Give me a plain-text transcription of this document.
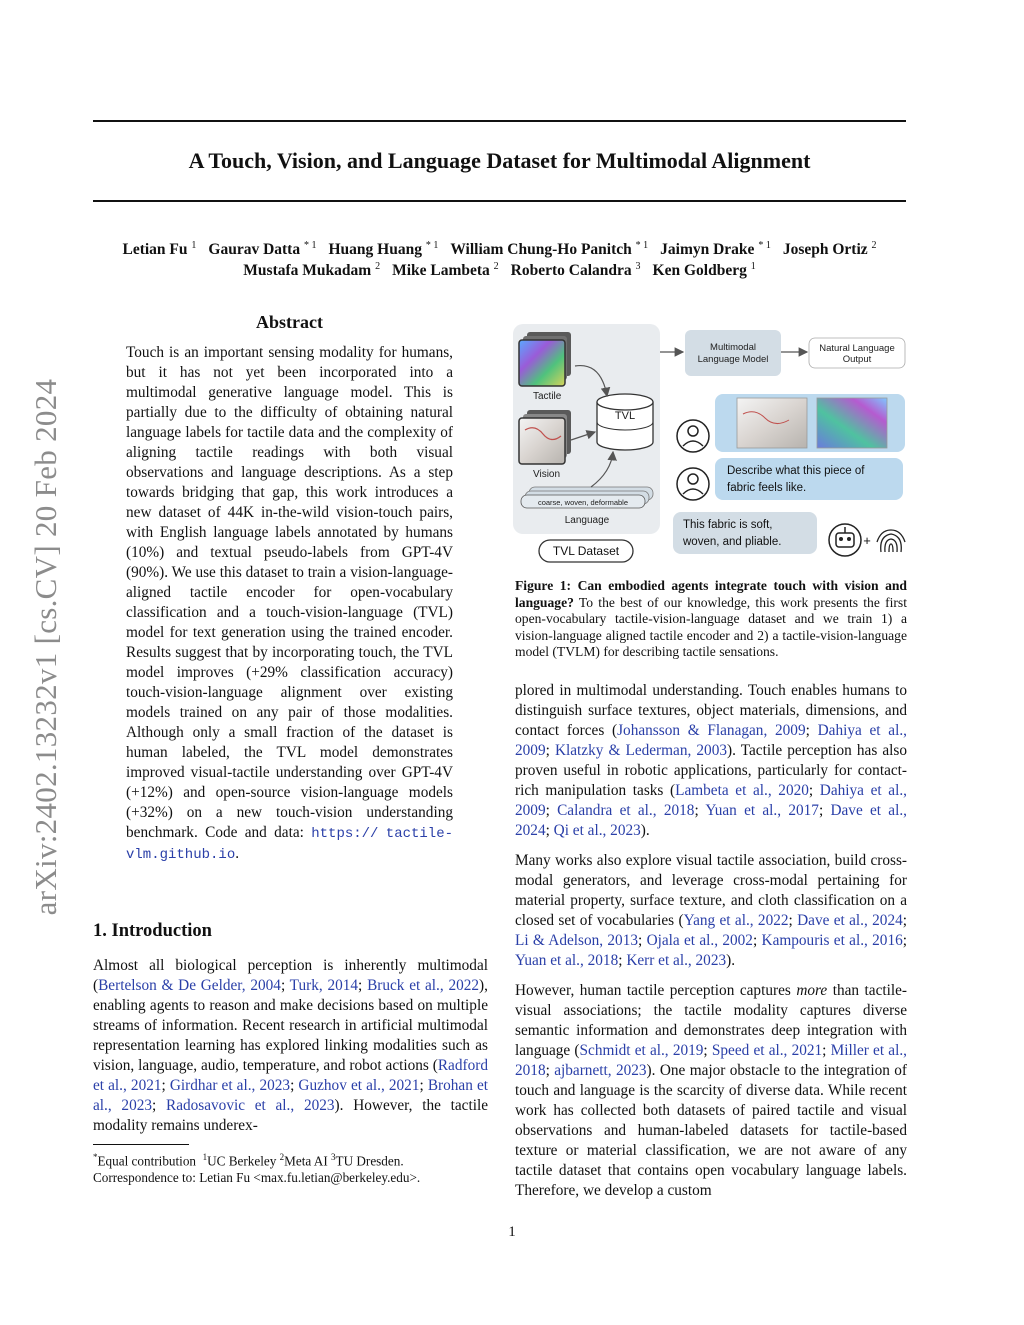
A Touch, Vision, and Language Dataset for Multimodal Alignment
Letian Fu $^1$ Gaurav Datta $^{* 1}$ Huang Huang $^{* 1}$ William Chung-Ho Panitch $^{* 1}$ Jaimyn Drake $^{* 1}$ Joseph Ortiz $^2$
Mustafa Mukadam $^2$ Mike Lambeta $^2$ Roberto Calandra $^3$ Ken Goldberg $^1$
arXiv:2402.13232v1 [cs.CV] 20 Feb 2024
Abstract

Touch is an important sensing modality for humans, but it has not yet been incorporated into a multimodal generative language model. This is partially due to the difficulty of obtaining natural language labels for tactile data and the complexity of aligning tactile readings with both visual observations and language descriptions. As a step towards bridging that gap, this work introduces a new dataset of 44K in-the-wild vision-touch pairs, with English language labels annotated by humans (10%) and textual pseudo-labels from GPT-4V (90%). We use this dataset to train a vision-language-aligned tactile encoder for open-vocabulary classification and a touch-vision-language (TVL) model for text generation using the trained encoder. Results suggest that by incorporating touch, the TVL model improves (+29% classification accuracy) touch-vision-language alignment over existing models trained on any pair of those modalities. Although only a small fraction of the dataset is human labeled, the TVL model demonstrates improved visual-tactile understanding over GPT-4V (+12%) and open-source vision-language models (+32%) on a new touch-vision understanding benchmark. Code and data: https:// tactile-vlm.github.io.

1. Introduction

Almost all biological perception is inherently multimodal (Bertelson & De Gelder, 2004; Turk, 2014; Bruck et al., 2022), enabling agents to reason and make decisions based on multiple streams of information. Recent research in artificial multimodal representation learning has explored linking modalities such as vision, language, audio, temperature, and robot actions (Radford et al., 2021; Girdhar et al., 2023; Guzhov et al., 2021; Brohan et al., 2023; Radosavovic et al., 2023). However, the tactile modality remains underex-

*Equal contribution $^1$UC Berkeley $^2$Meta AI $^3$TU Dresden.
Correspondence to: Letian Fu <max.fu.letian@berkeley.edu>.

Tactile
Vision
coarse, woven, deformable
Language
TVL
TVL Dataset
Multimodal
Language Model
Natural Language
Output
Describe what this piece of
fabric feels like.
This fabric is soft,
woven, and pliable.	+

Figure 1: Can embodied agents integrate touch with vision and language? To the best of our knowledge, this work presents the first open-vocabulary tactile-vision-language dataset and we train 1) a vision-language aligned tactile encoder and 2) a tactile-vision-language model (TVLM) for describing tactile sensations.

plored in multimodal understanding. Touch enables humans to distinguish surface textures, object materials, dimensions, and contact forces (Johansson & Flanagan, 2009; Dahiya et al., 2009; Klatzky & Lederman, 2003). Tactile perception has also proven useful in robotic applications, particularly for contact-rich manipulation tasks (Lambeta et al., 2020; Dahiya et al., 2009; Calandra et al., 2018; Yuan et al., 2017; Dave et al., 2024; Qi et al., 2023).

Many works also explore visual tactile association, build cross-modal generators, and leverage cross-modal pertaining for material property, surface texture, and cloth classification on a closed set of vocabularies (Yang et al., 2022; Dave et al., 2024; Li & Adelson, 2013; Ojala et al., 2002; Kampouris et al., 2016; Yuan et al., 2018; Kerr et al., 2023).

However, human tactile perception captures more than tactile-visual associations; the tactile modality captures diverse semantic information and demonstrates deep integration with language (Schmidt et al., 2019; Speed et al., 2021; Miller et al., 2018; ajbarnett, 2023). One major obstacle to the integration of touch and language is the scarcity of diverse data. While recent work has collected both datasets of paired tactile and visual observations and human-labeled datasets for tactile-based texture or material classification, we are not aware of any tactile dataset that contains open vocabulary language labels. Therefore, we develop a custom

1
